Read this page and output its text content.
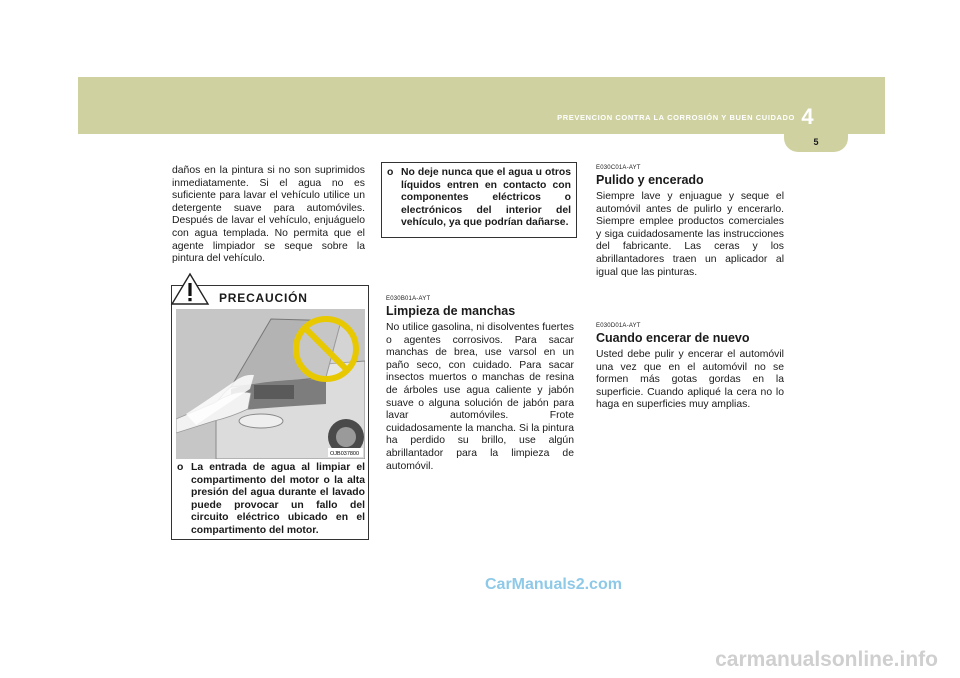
PREVENCION CONTRA LA CORROSIÓN Y BUEN CUIDADO 4
5

daños en la pintura si no son suprimidos inmediatamente. Si el agua no es suficiente para lavar el vehículo utilice un detergente suave para automóviles. Después de lavar el vehículo, enjuáguelo con agua templada. No permita que el agente limpiador se seque sobre la pintura del vehículo.

PRECAUCIÓN
OJB037800
o La entrada de agua al limpiar el compartimento del motor o la alta presión del agua durante el lavado puede provocar un fallo del circuito eléctrico ubicado en el compartimento del motor.
o No deje nunca que el agua u otros líquidos entren en contacto con componentes eléctricos o electrónicos del interior del vehículo, ya que podrían dañarse.

E030B01A-AYT

Limpieza de manchas

No utilice gasolina, ni disolventes fuertes o agentes corrosivos. Para sacar manchas de brea, use varsol en un paño seco, con cuidado. Para sacar insectos muertos o manchas de resina de árboles use agua caliente y jabón suave o alguna solución de jabón para lavar automóviles. Frote cuidadosamente la mancha. Si la pintura ha perdido su brillo, use algún abrillantador para la limpieza de automóvil.

E030C01A-AYT

Pulido y encerado

Siempre lave y enjuague y seque el automóvil antes de pulirlo y encerarlo. Siempre emplee productos comerciales y siga cuidadosamente las instrucciones del fabricante. Las ceras y los abrillantadores traen un aplicador al igual que las pinturas.

E030D01A-AYT

Cuando encerar de nuevo

Usted debe pulir y encerar el automóvil una vez que en el automóvil no se formen más gotas gordas en la superficie. Cuando apliqué la cera no lo haga en superficies muy amplias.

CarManuals2.com
carmanualsonline.info
